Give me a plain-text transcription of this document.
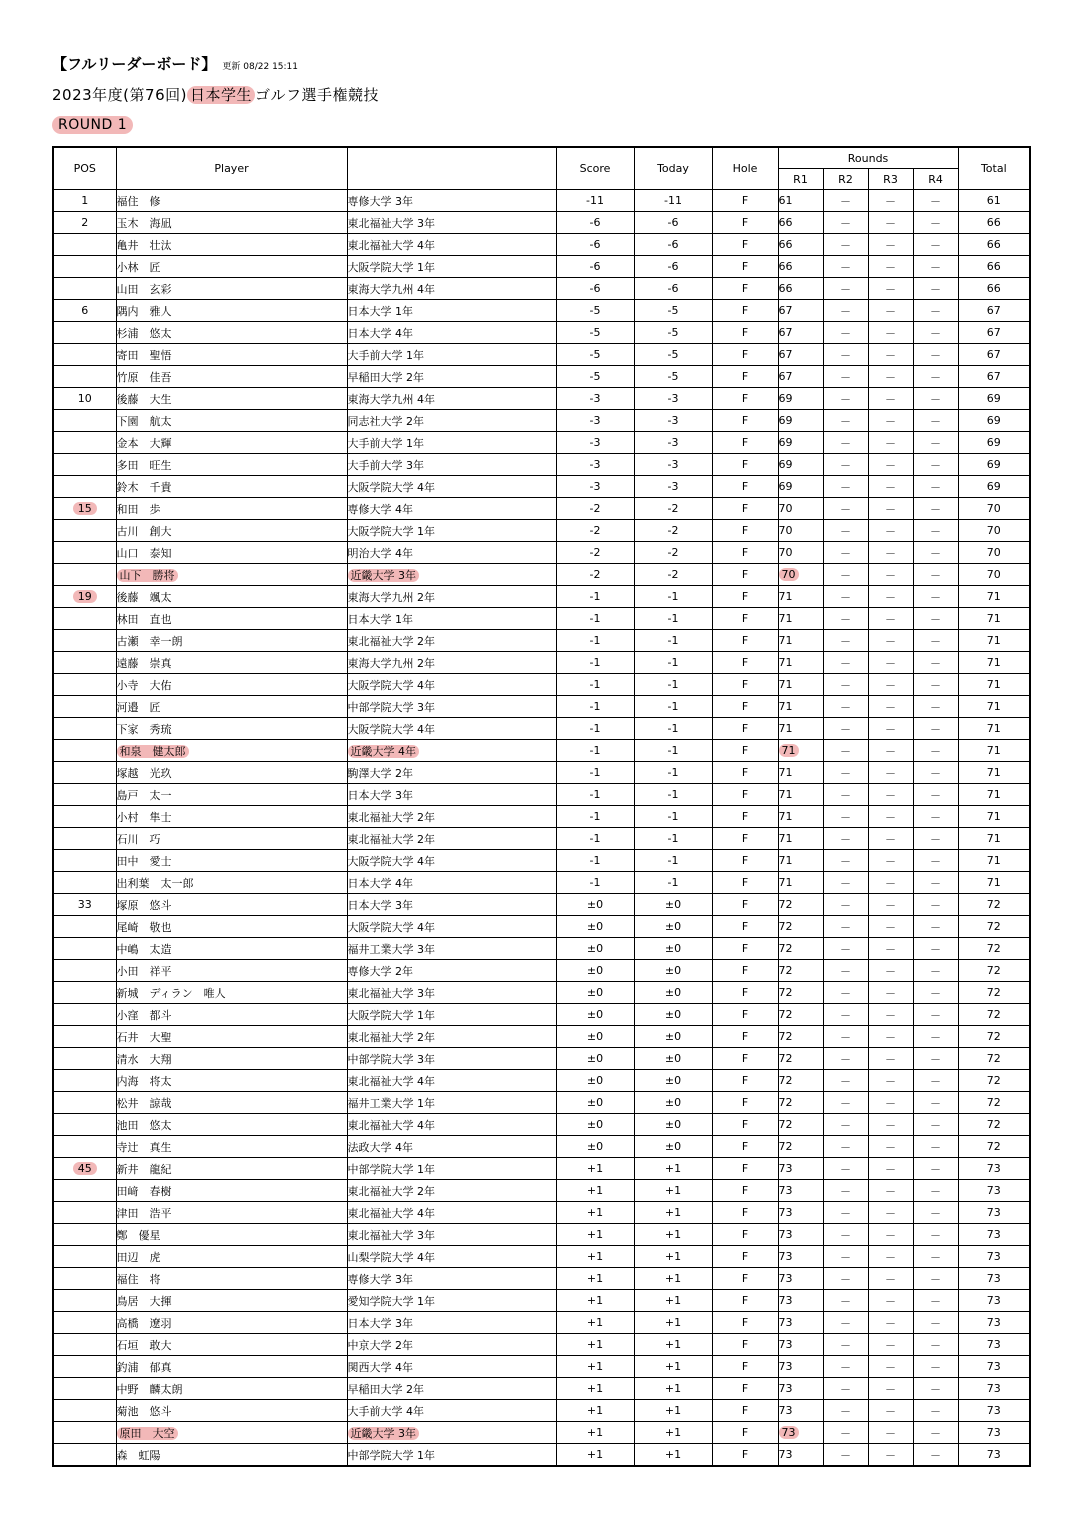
【フルリーダーボード】 更新 08/22 15:11
2023年度(第76回) 日本学生 ゴルフ選手権競技
ROUND 1
POS	Player		Score	Today	Hole	Rounds				Total
						R1	R2	R3	R4	
1	福住　修	専修大学 3年	-11	-11	F	61	－	－	－	61
2	玉木　海凪	東北福祉大学 3年	-6	-6	F	66	－	－	－	66
	亀井　壮汰	東北福祉大学 4年	-6	-6	F	66	－	－	－	66
	小林　匠	大阪学院大学 1年	-6	-6	F	66	－	－	－	66
	山田　玄彩	東海大学九州 4年	-6	-6	F	66	－	－	－	66
6	隅内　雅人	日本大学 1年	-5	-5	F	67	－	－	－	67
	杉浦　悠太	日本大学 4年	-5	-5	F	67	－	－	－	67
	寄田　聖悟	大手前大学 1年	-5	-5	F	67	－	－	－	67
	竹原　佳吾	早稲田大学 2年	-5	-5	F	67	－	－	－	67
10	後藤　大生	東海大学九州 4年	-3	-3	F	69	－	－	－	69
	下園　航太	同志社大学 2年	-3	-3	F	69	－	－	－	69
	金本　大輝	大手前大学 1年	-3	-3	F	69	－	－	－	69
	多田　旺生	大手前大学 3年	-3	-3	F	69	－	－	－	69
	鈴木　千貴	大阪学院大学 4年	-3	-3	F	69	－	－	－	69
15	和田　歩	専修大学 4年	-2	-2	F	70	－	－	－	70
	古川　創大	大阪学院大学 1年	-2	-2	F	70	－	－	－	70
	山口　泰知	明治大学 4年	-2	-2	F	70	－	－	－	70
	山下　勝将	近畿大学 3年	-2	-2	F	70	－	－	－	70
19	後藤　颯太	東海大学九州 2年	-1	-1	F	71	－	－	－	71
	林田　直也	日本大学 1年	-1	-1	F	71	－	－	－	71
	古瀬　幸一朗	東北福祉大学 2年	-1	-1	F	71	－	－	－	71
	遠藤　崇真	東海大学九州 2年	-1	-1	F	71	－	－	－	71
	小寺　大佑	大阪学院大学 4年	-1	-1	F	71	－	－	－	71
	河邉　匠	中部学院大学 3年	-1	-1	F	71	－	－	－	71
	下家　秀琉	大阪学院大学 4年	-1	-1	F	71	－	－	－	71
	和泉　健太郎	近畿大学 4年	-1	-1	F	71	－	－	－	71
	塚越　光玖	駒澤大学 2年	-1	-1	F	71	－	－	－	71
	島戸　太一	日本大学 3年	-1	-1	F	71	－	－	－	71
	小村　隼士	東北福祉大学 2年	-1	-1	F	71	－	－	－	71
	石川　巧	東北福祉大学 2年	-1	-1	F	71	－	－	－	71
	田中　愛士	大阪学院大学 4年	-1	-1	F	71	－	－	－	71
	出利葉　太一郎	日本大学 4年	-1	-1	F	71	－	－	－	71
33	塚原　悠斗	日本大学 3年	±0	±0	F	72	－	－	－	72
	尾崎　敬也	大阪学院大学 4年	±0	±0	F	72	－	－	－	72
	中嶋　太造	福井工業大学 3年	±0	±0	F	72	－	－	－	72
	小田　祥平	専修大学 2年	±0	±0	F	72	－	－	－	72
	新城　ディラン　唯人	東北福祉大学 3年	±0	±0	F	72	－	－	－	72
	小窪　都斗	大阪学院大学 1年	±0	±0	F	72	－	－	－	72
	石井　大聖	東北福祉大学 2年	±0	±0	F	72	－	－	－	72
	清水　大翔	中部学院大学 3年	±0	±0	F	72	－	－	－	72
	内海　将太	東北福祉大学 4年	±0	±0	F	72	－	－	－	72
	松井　諒哉	福井工業大学 1年	±0	±0	F	72	－	－	－	72
	池田　悠太	東北福祉大学 4年	±0	±0	F	72	－	－	－	72
	寺辻　真生	法政大学 4年	±0	±0	F	72	－	－	－	72
45	新井　龍紀	中部学院大学 1年	+1	+1	F	73	－	－	－	73
	田﨑　春樹	東北福祉大学 2年	+1	+1	F	73	－	－	－	73
	津田　浩平	東北福祉大学 4年	+1	+1	F	73	－	－	－	73
	鄭　優星	東北福祉大学 3年	+1	+1	F	73	－	－	－	73
	田辺　虎	山梨学院大学 4年	+1	+1	F	73	－	－	－	73
	福住　将	専修大学 3年	+1	+1	F	73	－	－	－	73
	鳥居　大揮	愛知学院大学 1年	+1	+1	F	73	－	－	－	73
	高橋　遼羽	日本大学 3年	+1	+1	F	73	－	－	－	73
	石垣　敢大	中京大学 2年	+1	+1	F	73	－	－	－	73
	釣浦　郁真	関西大学 4年	+1	+1	F	73	－	－	－	73
	中野　麟太朗	早稲田大学 2年	+1	+1	F	73	－	－	－	73
	菊池　悠斗	大手前大学 4年	+1	+1	F	73	－	－	－	73
	原田　大空	近畿大学 3年	+1	+1	F	73	－	－	－	73
	森　虹陽	中部学院大学 1年	+1	+1	F	73	－	－	－	73
